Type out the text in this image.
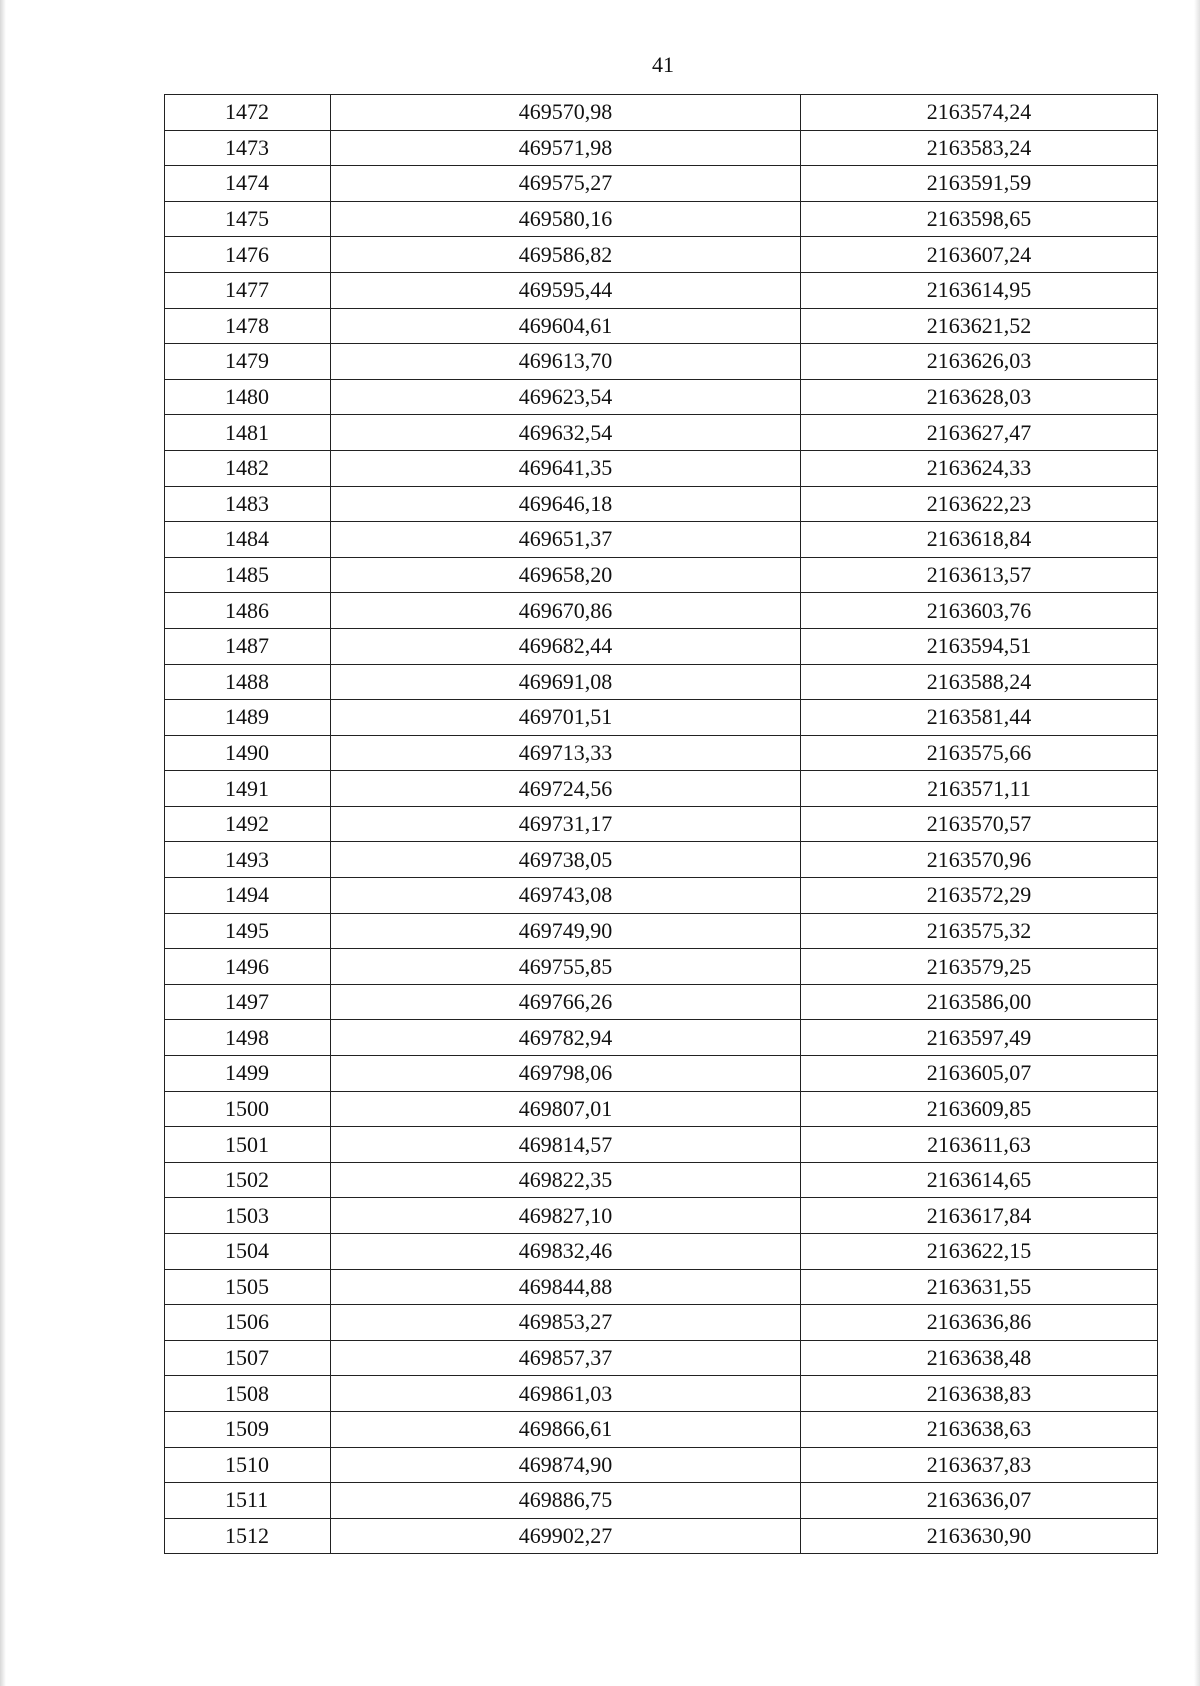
41
1472	469570,98	2163574,24
1473	469571,98	2163583,24
1474	469575,27	2163591,59
1475	469580,16	2163598,65
1476	469586,82	2163607,24
1477	469595,44	2163614,95
1478	469604,61	2163621,52
1479	469613,70	2163626,03
1480	469623,54	2163628,03
1481	469632,54	2163627,47
1482	469641,35	2163624,33
1483	469646,18	2163622,23
1484	469651,37	2163618,84
1485	469658,20	2163613,57
1486	469670,86	2163603,76
1487	469682,44	2163594,51
1488	469691,08	2163588,24
1489	469701,51	2163581,44
1490	469713,33	2163575,66
1491	469724,56	2163571,11
1492	469731,17	2163570,57
1493	469738,05	2163570,96
1494	469743,08	2163572,29
1495	469749,90	2163575,32
1496	469755,85	2163579,25
1497	469766,26	2163586,00
1498	469782,94	2163597,49
1499	469798,06	2163605,07
1500	469807,01	2163609,85
1501	469814,57	2163611,63
1502	469822,35	2163614,65
1503	469827,10	2163617,84
1504	469832,46	2163622,15
1505	469844,88	2163631,55
1506	469853,27	2163636,86
1507	469857,37	2163638,48
1508	469861,03	2163638,83
1509	469866,61	2163638,63
1510	469874,90	2163637,83
1511	469886,75	2163636,07
1512	469902,27	2163630,90
